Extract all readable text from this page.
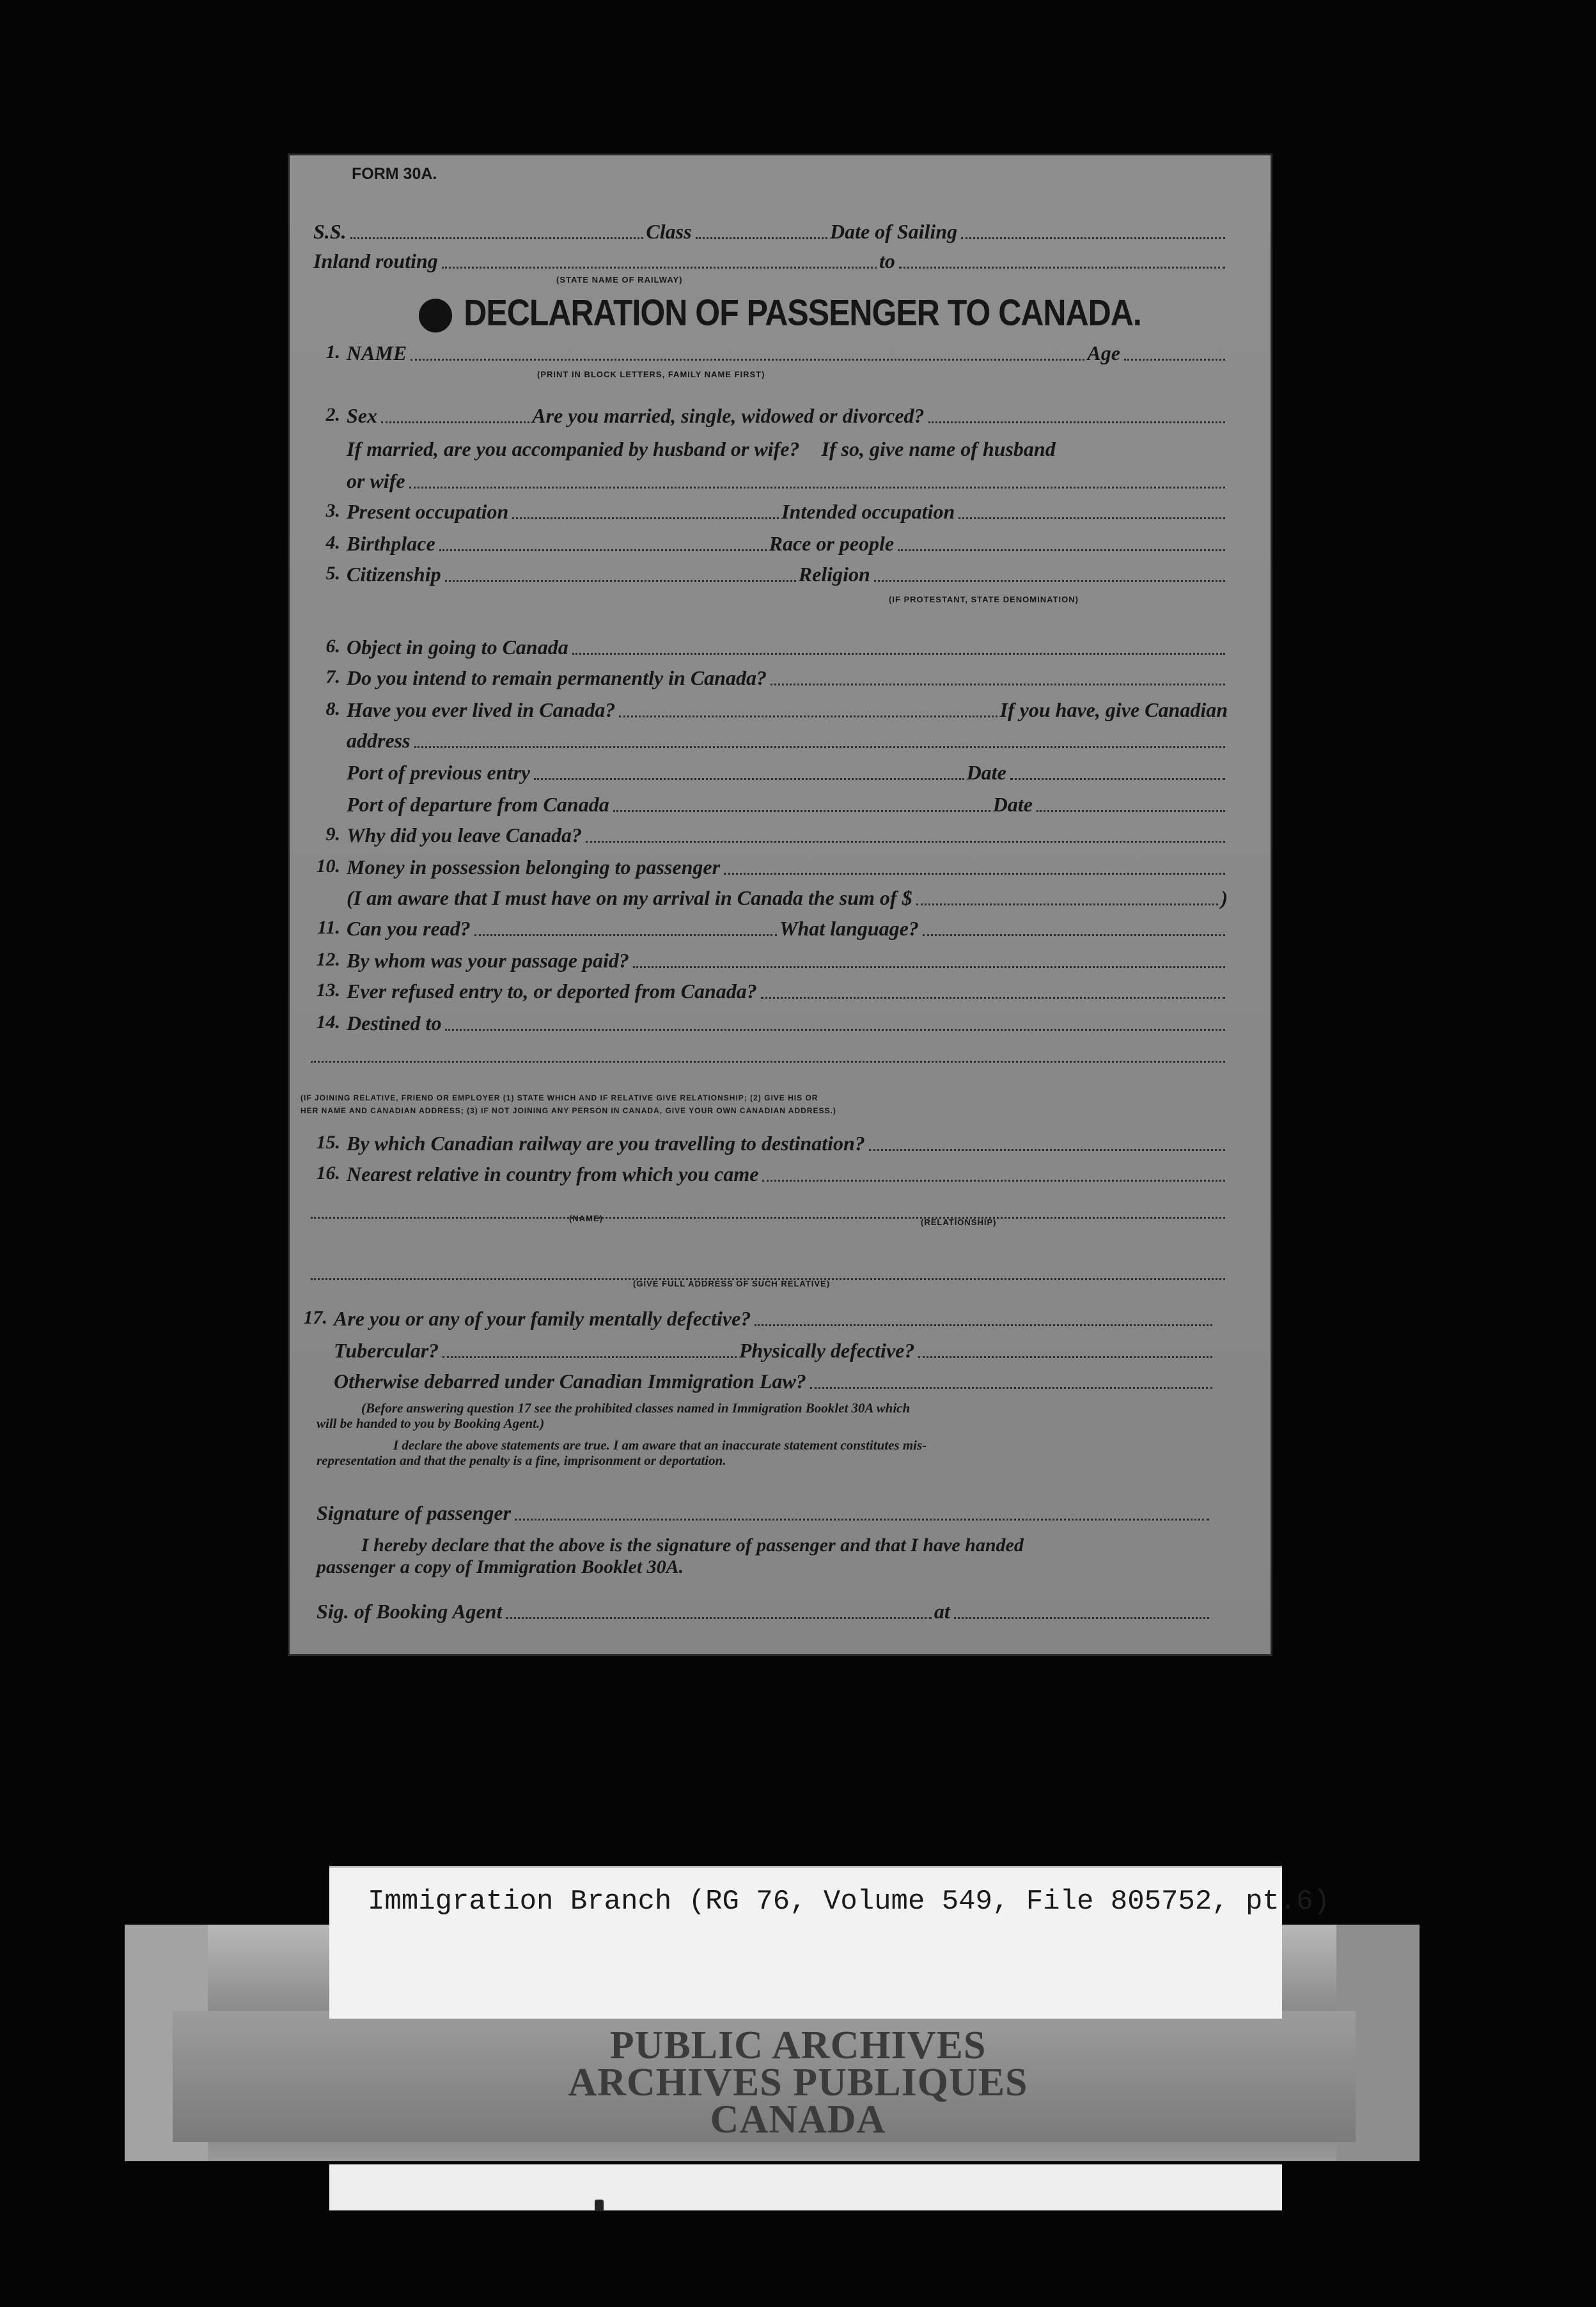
FORM 30A.
S.S.	Class	Date of Sailing
Inland routing	to
(STATE NAME OF RAILWAY)
DECLARATION OF PASSENGER TO CANADA.
1. NAME	Age
(PRINT IN BLOCK LETTERS, FAMILY NAME FIRST)
2. Sex	Are you married, single, widowed or divorced?
If married, are you accompanied by husband or wife? If so, give name of husband
or wife
3. Present occupation	Intended occupation
4. Birthplace	Race or people
5. Citizenship	Religion
(IF PROTESTANT, STATE DENOMINATION)
6. Object in going to Canada
7. Do you intend to remain permanently in Canada?
8. Have you ever lived in Canada?	If you have, give Canadian
address
Port of previous entry	Date
Port of departure from Canada	Date
9. Why did you leave Canada?
10. Money in possession belonging to passenger
(I am aware that I must have on my arrival in Canada the sum of $	)
11. Can you read?	What language?
12. By whom was your passage paid?
13. Ever refused entry to, or deported from Canada?
14. Destined to
(IF JOINING RELATIVE, FRIEND OR EMPLOYER (1) STATE WHICH AND IF RELATIVE GIVE RELATIONSHIP; (2) GIVE HIS OR
HER NAME AND CANADIAN ADDRESS; (3) IF NOT JOINING ANY PERSON IN CANADA, GIVE YOUR OWN CANADIAN ADDRESS.)
15. By which Canadian railway are you travelling to destination?
16. Nearest relative in country from which you came
(NAME)	(RELATIONSHIP)
(GIVE FULL ADDRESS OF SUCH RELATIVE)
17. Are you or any of your family mentally defective?
Tubercular?	Physically defective?
Otherwise debarred under Canadian Immigration Law?
(Before answering question 17 see the prohibited classes named in Immigration Booklet 30A which
will be handed to you by Booking Agent.)
I declare the above statements are true. I am aware that an inaccurate statement constitutes mis-
representation and that the penalty is a fine, imprisonment or deportation.
Signature of passenger
I hereby declare that the above is the signature of passenger and that I have handed
passenger a copy of Immigration Booklet 30A.
Sig. of Booking Agent	at
Immigration Branch (RG 76, Volume 549, File 805752, pt.6)
PUBLIC ARCHIVES
ARCHIVES PUBLIQUES
CANADA
